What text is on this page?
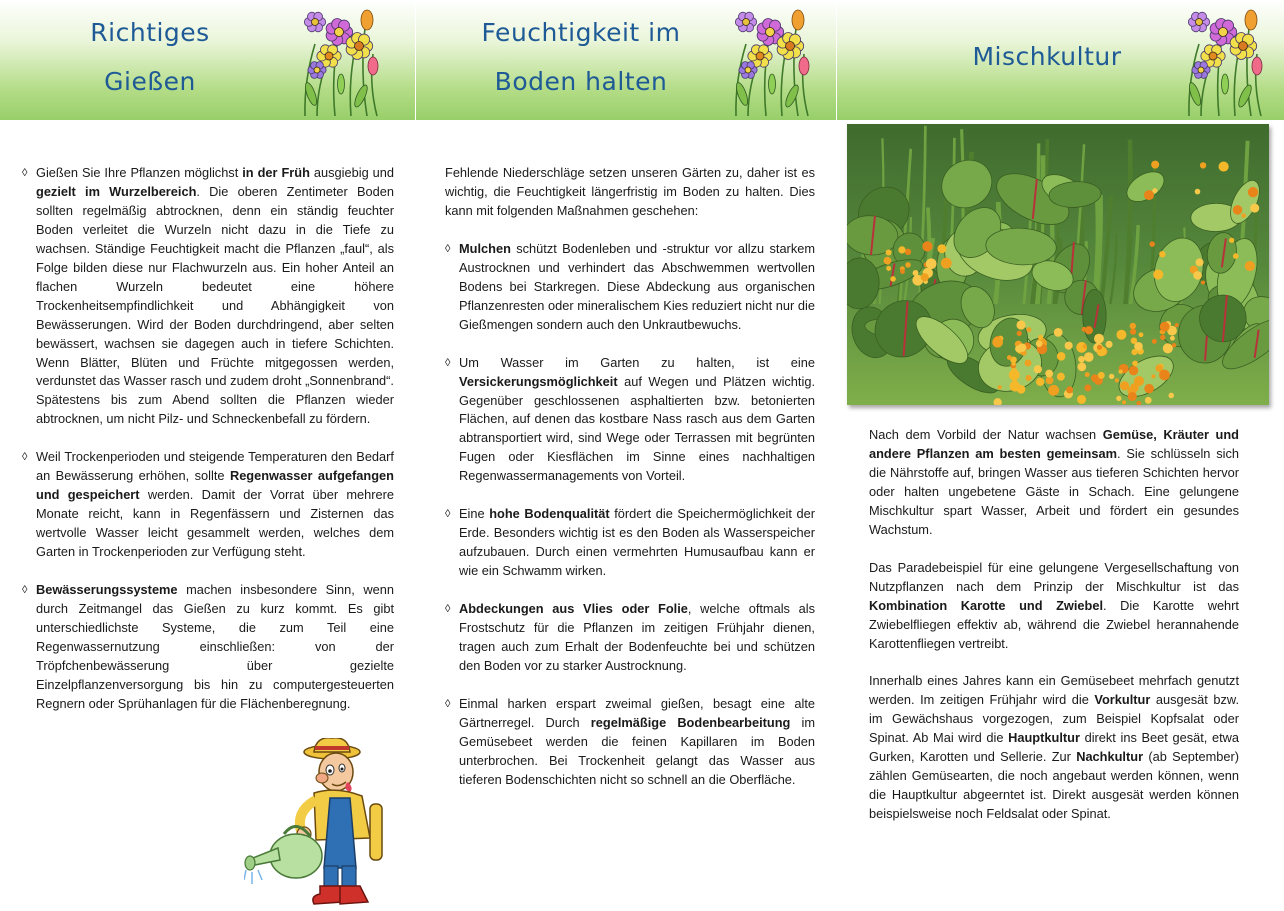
Richtiges
Gießen
Feuchtigkeit im
Boden halten
Mischkultur
◊ Gießen Sie Ihre Pflanzen möglichst in der Früh ausgiebig und gezielt im Wurzelbereich. Die oberen Zentimeter Boden sollten regelmäßig abtrocknen, denn ein ständig feuchter Boden verleitet die Wurzeln nicht dazu in die Tiefe zu wachsen. Ständige Feuchtigkeit macht die Pflanzen „faul“, als Folge bilden diese nur Flachwurzeln aus. Ein hoher Anteil an flachen Wurzeln bedeutet eine höhere Trockenheitsempfindlichkeit und Abhängigkeit von Bewässerungen. Wird der Boden durchdringend, aber selten bewässert, wachsen sie dagegen auch in tiefere Schichten. Wenn Blätter, Blüten und Früchte mitgegossen werden, verdunstet das Wasser rasch und zudem droht „Sonnenbrand“. Spätestens bis zum Abend sollten die Pflanzen wieder abtrocknen, um nicht Pilz- und Schneckenbefall zu fördern.

◊ Weil Trockenperioden und steigende Temperaturen den Bedarf an Bewässerung erhöhen, sollte Regenwasser aufgefangen und gespeichert werden. Damit der Vorrat über mehrere Monate reicht, kann in Regenfässern und Zisternen das wertvolle Wasser leicht gesammelt werden, welches dem Garten in Trockenperioden zur Verfügung steht.

◊ Bewässerungssysteme machen insbesondere Sinn, wenn durch Zeitmangel das Gießen zu kurz kommt. Es gibt unterschiedlichste Systeme, die zum Teil eine Regenwassernutzung einschließen: von der Tröpfchenbewässerung über gezielte Einzelpflanzenversorgung bis hin zu computergesteuerten Regnern oder Sprühanlagen für die Flächenberegnung.

Fehlende Niederschläge setzen unseren Gärten zu, daher ist es wichtig, die Feuchtigkeit längerfristig im Boden zu halten. Dies kann mit folgenden Maßnahmen geschehen:

◊ Mulchen schützt Bodenleben und -struktur vor allzu starkem Austrocknen und verhindert das Abschwemmen wertvollen Bodens bei Starkregen. Diese Abdeckung aus organischen Pflanzenresten oder mineralischem Kies reduziert nicht nur die Gießmengen sondern auch den Unkrautbewuchs.

◊ Um Wasser im Garten zu halten, ist eine Versickerungsmöglichkeit auf Wegen und Plätzen wichtig. Gegenüber geschlossenen asphaltierten bzw. betonierten Flächen, auf denen das kostbare Nass rasch aus dem Garten abtransportiert wird, sind Wege oder Terrassen mit begrünten Fugen oder Kiesflächen im Sinne eines nachhaltigen Regenwassermanagements von Vorteil.

◊ Eine hohe Bodenqualität fördert die Speichermöglichkeit der Erde. Besonders wichtig ist es den Boden als Wasserspeicher aufzubauen. Durch einen vermehrten Humusaufbau kann er wie ein Schwamm wirken.

◊ Abdeckungen aus Vlies oder Folie, welche oftmals als Frostschutz für die Pflanzen im zeitigen Frühjahr dienen, tragen auch zum Erhalt der Bodenfeuchte bei und schützen den Boden vor zu starker Austrocknung.

◊ Einmal harken erspart zweimal gießen, besagt eine alte Gärtnerregel. Durch regelmäßige Bodenbearbeitung im Gemüsebeet werden die feinen Kapillaren im Boden unterbrochen. Bei Trockenheit gelangt das Wasser aus tieferen Bodenschichten nicht so schnell an die Oberfläche.

Nach dem Vorbild der Natur wachsen Gemüse, Kräuter und andere Pflanzen am besten gemeinsam. Sie schlüsseln sich die Nährstoffe auf, bringen Wasser aus tieferen Schichten hervor oder halten ungebetene Gäste in Schach. Eine gelungene Mischkultur spart Wasser, Arbeit und fördert ein gesundes Wachstum.

Das Paradebeispiel für eine gelungene Vergesellschaftung von Nutzpflanzen nach dem Prinzip der Mischkultur ist das Kombination Karotte und Zwiebel. Die Karotte wehrt Zwiebelfliegen effektiv ab, während die Zwiebel herannahende Karottenfliegen vertreibt.

Innerhalb eines Jahres kann ein Gemüsebeet mehrfach genutzt werden. Im zeitigen Frühjahr wird die Vorkultur ausgesät bzw. im Gewächshaus vorgezogen, zum Beispiel Kopfsalat oder Spinat. Ab Mai wird die Hauptkultur direkt ins Beet gesät, etwa Gurken, Karotten und Sellerie. Zur Nachkultur (ab September) zählen Gemüsearten, die noch angebaut werden können, wenn die Hauptkultur abgeerntet ist. Direkt ausgesät werden können beispielsweise noch Feldsalat oder Spinat.
